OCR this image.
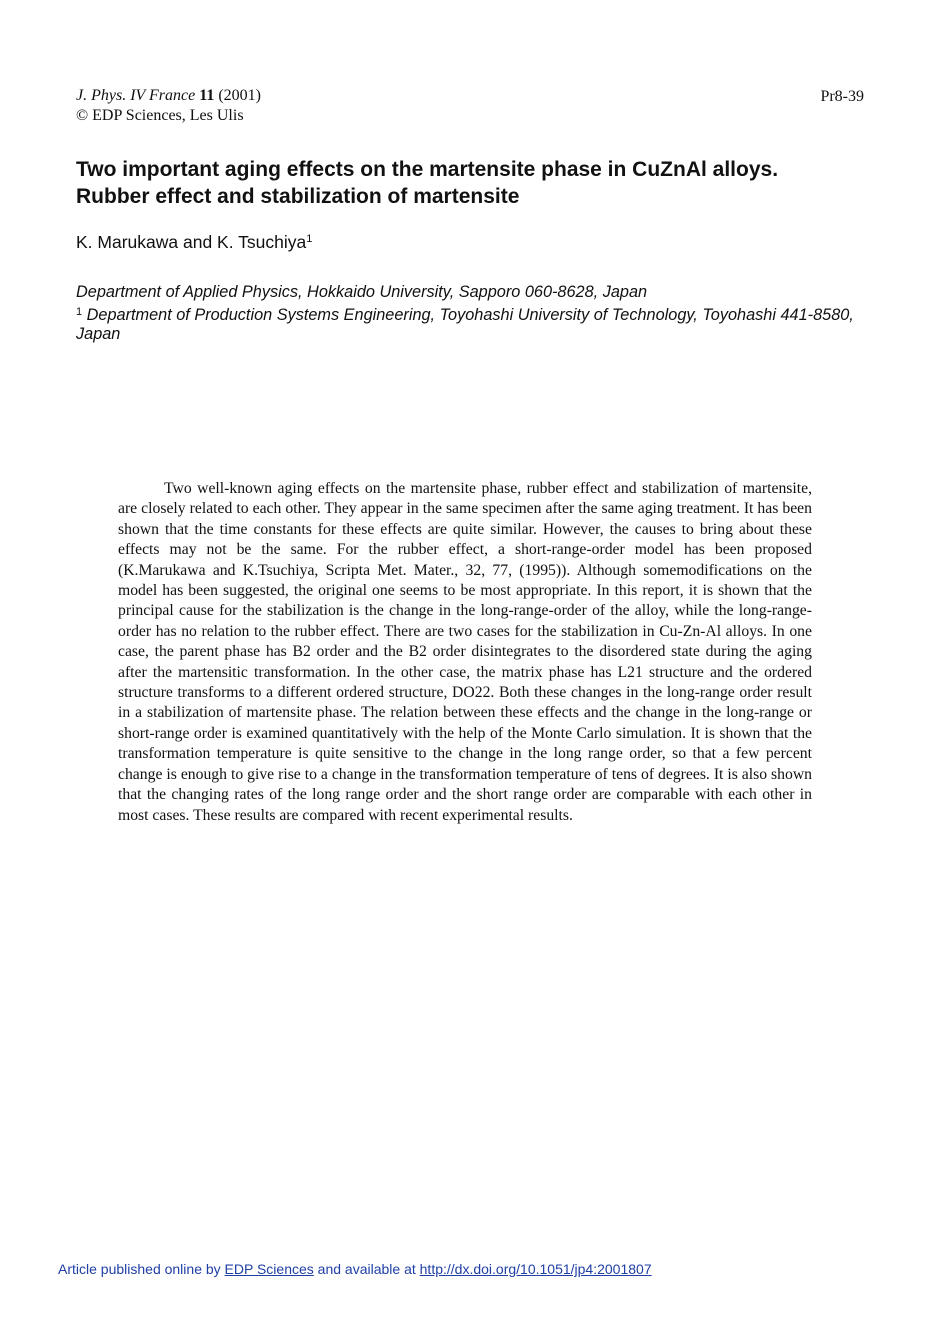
J. Phys. IV France 11 (2001)
© EDP Sciences, Les Ulis
Pr8-39
Two important aging effects on the martensite phase in CuZnAl alloys. Rubber effect and stabilization of martensite
K. Marukawa and K. Tsuchiya$^1$
Department of Applied Physics, Hokkaido University, Sapporo 060-8628, Japan
$^1$ Department of Production Systems Engineering, Toyohashi University of Technology, Toyohashi 441-8580, Japan

Two well-known aging effects on the martensite phase, rubber effect and stabilization of martensite, are closely related to each other. They appear in the same specimen after the same aging treatment. It has been shown that the time constants for these effects are quite similar. However, the causes to bring about these effects may not be the same. For the rubber effect, a short-range-order model has been proposed (K.Marukawa and K.Tsuchiya, Scripta Met. Mater., 32, 77, (1995)). Although somemodifications on the model has been suggested, the original one seems to be most appropriate. In this report, it is shown that the principal cause for the stabilization is the change in the long-range-order of the alloy, while the long-range-order has no relation to the rubber effect. There are two cases for the stabilization in Cu-Zn-Al alloys. In one case, the parent phase has B2 order and the B2 order disintegrates to the disordered state during the aging after the martensitic transformation. In the other case, the matrix phase has L21 structure and the ordered structure transforms to a different ordered structure, DO22. Both these changes in the long-range order result in a stabilization of martensite phase. The relation between these effects and the change in the long-range or short-range order is examined quantitatively with the help of the Monte Carlo simulation. It is shown that the transformation temperature is quite sensitive to the change in the long range order, so that a few percent change is enough to give rise to a change in the transformation temperature of tens of degrees. It is also shown that the changing rates of the long range order and the short range order are comparable with each other in most cases. These results are compared with recent experimental results.

Article published online by EDP Sciences and available at http://dx.doi.org/10.1051/jp4:2001807
